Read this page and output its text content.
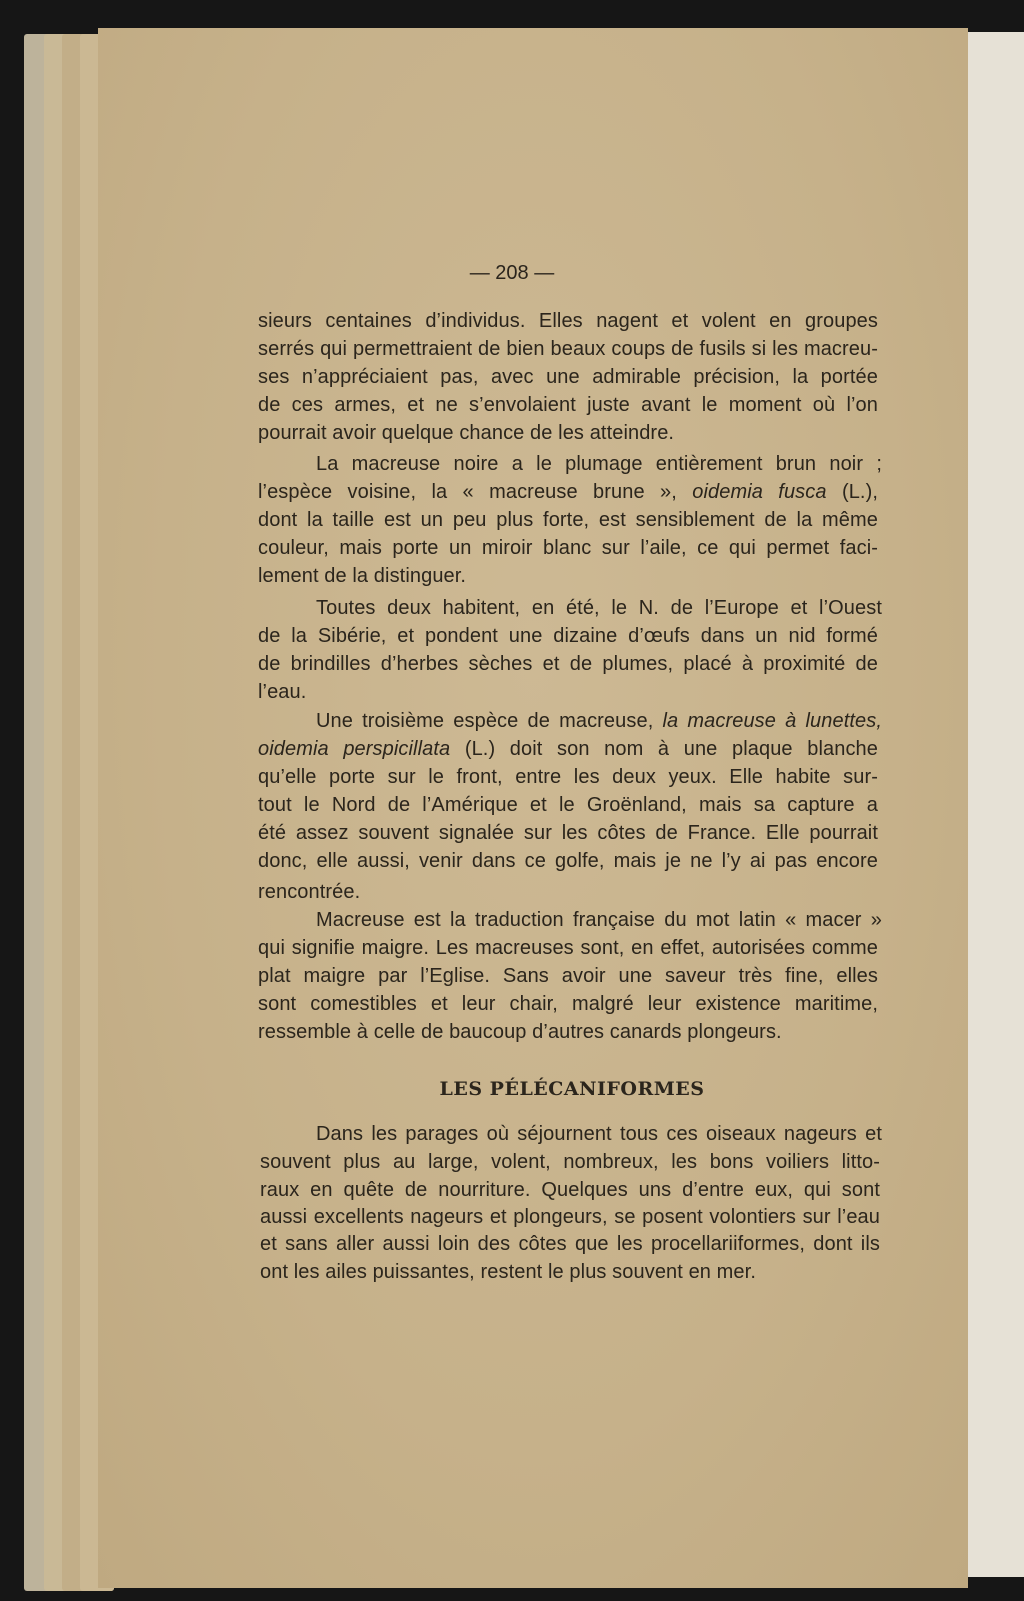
— 208 —
sieurs centaines d’individus. Elles nagent et volent en groupes
serrés qui permettraient de bien beaux coups de fusils si les macreu-
ses n’appréciaient pas, avec une admirable précision, la portée
de ces armes, et ne s’envolaient juste avant le moment où l’on
pourrait avoir quelque chance de les atteindre.
La macreuse noire a le plumage entièrement brun noir ;
l’espèce voisine, la « macreuse brune », oidemia fusca (L.),
dont la taille est un peu plus forte, est sensiblement de la même
couleur, mais porte un miroir blanc sur l’aile, ce qui permet faci-
lement de la distinguer.
Toutes deux habitent, en été, le N. de l’Europe et l’Ouest
de la Sibérie, et pondent une dizaine d’œufs dans un nid formé
de brindilles d’herbes sèches et de plumes, placé à proximité de
l’eau.
Une troisième espèce de macreuse, la macreuse à lunettes,
oidemia perspicillata (L.) doit son nom à une plaque blanche
qu’elle porte sur le front, entre les deux yeux. Elle habite sur-
tout le Nord de l’Amérique et le Groënland, mais sa capture a
été assez souvent signalée sur les côtes de France. Elle pourrait
donc, elle aussi, venir dans ce golfe, mais je ne l’y ai pas encore
rencontrée.
Macreuse est la traduction française du mot latin « macer »
qui signifie maigre. Les macreuses sont, en effet, autorisées comme
plat maigre par l’Eglise. Sans avoir une saveur très fine, elles
sont comestibles et leur chair, malgré leur existence maritime,
ressemble à celle de baucoup d’autres canards plongeurs.
Dans les parages où séjournent tous ces oiseaux nageurs et
souvent plus au large, volent, nombreux, les bons voiliers litto-
raux en quête de nourriture. Quelques uns d’entre eux, qui sont
aussi excellents nageurs et plongeurs, se posent volontiers sur l’eau
et sans aller aussi loin des côtes que les procellariiformes, dont ils
ont les ailes puissantes, restent le plus souvent en mer.
LES PÉLÉCANIFORMES
